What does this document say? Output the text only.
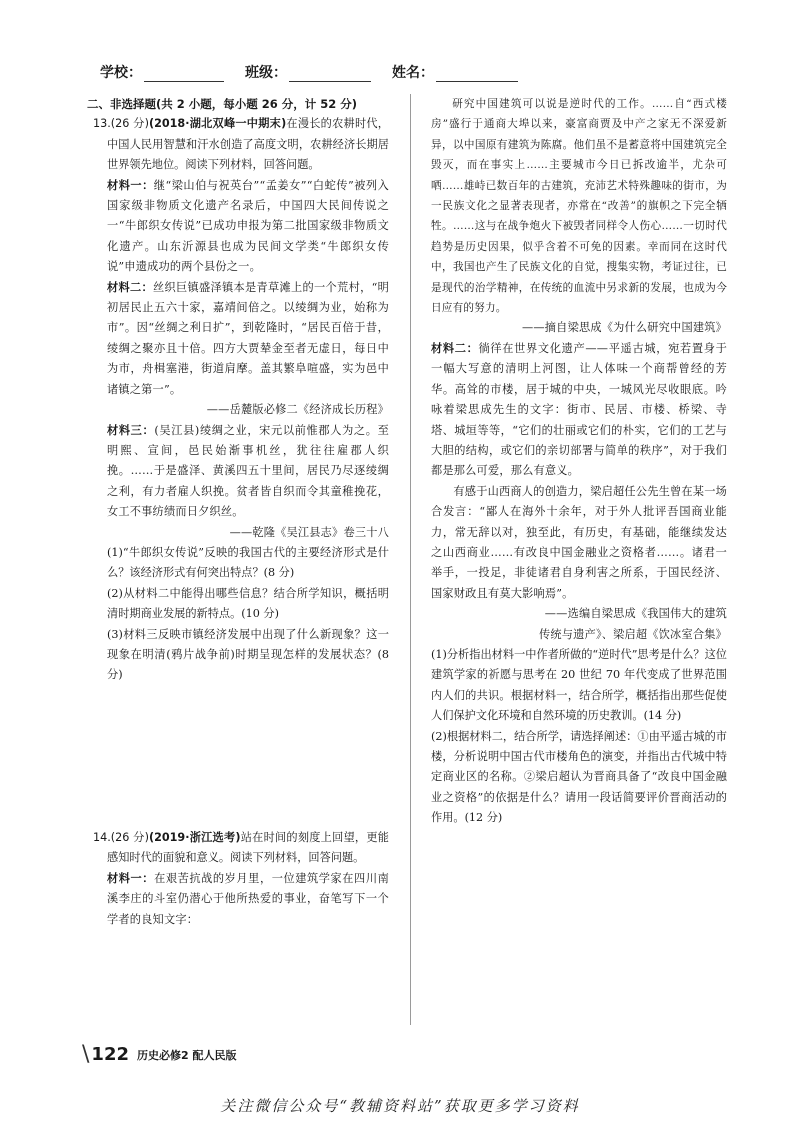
学校：	班级：	姓名：

二、非选择题(共 2 小题，每小题 26 分，计 52 分)

13.(26 分)(2018·湖北双峰一中期末)在漫长的农耕时代，中国人民用智慧和汗水创造了高度文明，农耕经济长期居世界领先地位。阅读下列材料，回答问题。

材料一：继“梁山伯与祝英台”“孟姜女”“白蛇传”被列入国家级非物质文化遗产名录后，中国四大民间传说之一“牛郎织女传说”已成功申报为第二批国家级非物质文化遗产。山东沂源县也成为民间文学类“牛郎织女传说”申遗成功的两个县份之一。

材料二：丝织巨镇盛泽镇本是青草滩上的一个荒村，“明初居民止五六十家，嘉靖间倍之。以绫绸为业，始称为市”。因“丝绸之利日扩”，到乾隆时，“居民百倍于昔，绫绸之聚亦且十倍。四方大贾辇金至者无虚日，每日中为市，舟楫塞港，街道肩摩。盖其繁阜喧盛，实为邑中诸镇之第一”。

——岳麓版必修二《经济成长历程》

材料三：(吴江县)绫绸之业，宋元以前惟郡人为之。至明熙、宣间，邑民始渐事机丝，犹往往雇郡人织挽。……于是盛泽、黄溪四五十里间，居民乃尽逐绫绸之利，有力者雇人织挽。贫者皆自织而令其童稚挽花，女工不事纺绩而日夕织丝。

——乾隆《吴江县志》卷三十八

(1)“牛郎织女传说”反映的我国古代的主要经济形式是什么？该经济形式有何突出特点？(8 分)

(2)从材料二中能得出哪些信息？结合所学知识，概括明清时期商业发展的新特点。(10 分)

(3)材料三反映市镇经济发展中出现了什么新现象？这一现象在明清(鸦片战争前)时期呈现怎样的发展状态？(8 分)

14.(26 分)(2019·浙江选考)站在时间的刻度上回望，更能感知时代的面貌和意义。阅读下列材料，回答问题。

材料一：在艰苦抗战的岁月里，一位建筑学家在四川南溪李庄的斗室仍潜心于他所热爱的事业，奋笔写下一个学者的良知文字：

研究中国建筑可以说是逆时代的工作。……自“西式楼房”盛行于通商大埠以来，豪富商贾及中产之家无不深爱新异，以中国原有建筑为陈腐。他们虽不是蓄意将中国建筑完全毁灭，而在事实上……主要城市今日已拆改逾半，尤杂可哂……雄峙已数百年的古建筑，充沛艺术特殊趣味的街市，为一民族文化之显著表现者，亦常在“改善”的旗帜之下完全牺牲。……这与在战争炮火下被毁者同样令人伤心……一切时代趋势是历史因果，似乎含着不可免的因素。幸而同在这时代中，我国也产生了民族文化的自觉，搜集实物，考证过往，已是现代的治学精神，在传统的血流中另求新的发展，也成为今日应有的努力。

——摘自梁思成《为什么研究中国建筑》

材料二：徜徉在世界文化遗产——平遥古城，宛若置身于一幅大写意的清明上河图，让人体味一个商帮曾经的芳华。高耸的市楼，居于城的中央，一城风光尽收眼底。吟咏着梁思成先生的文字：街市、民居、市楼、桥梁、寺塔、城垣等等，“它们的壮丽或它们的朴实，它们的工艺与大胆的结构，或它们的亲切部署与简单的秩序”，对于我们都是那么可爱，那么有意义。

有感于山西商人的创造力，梁启超任公先生曾在某一场合发言：“鄙人在海外十余年，对于外人批评吾国商业能力，常无辞以对，独至此，有历史，有基础，能继续发达之山西商业……有改良中国金融业之资格者……。诸君一举手，一投足，非徒诸君自身利害之所系，于国民经济、国家财政且有莫大影响焉”。

——选编自梁思成《我国伟大的建筑

传统与遗产》、梁启超《饮冰室合集》

(1)分析指出材料一中作者所做的“逆时代”思考是什么？这位建筑学家的祈愿与思考在 20 世纪 70 年代变成了世界范围内人们的共识。根据材料一，结合所学，概括指出那些促使人们保护文化环境和自然环境的历史教训。(14 分)

(2)根据材料二，结合所学，请选择阐述：①由平遥古城的市楼，分析说明中国古代市楼角色的演变，并指出古代城中特定商业区的名称。②梁启超认为晋商具备了“改良中国金融业之资格”的依据是什么？请用一段话简要评价晋商活动的作用。(12 分)

\ 122 历史必修2 配人民版
关注微信公众号“教辅资料站”获取更多学习资料
